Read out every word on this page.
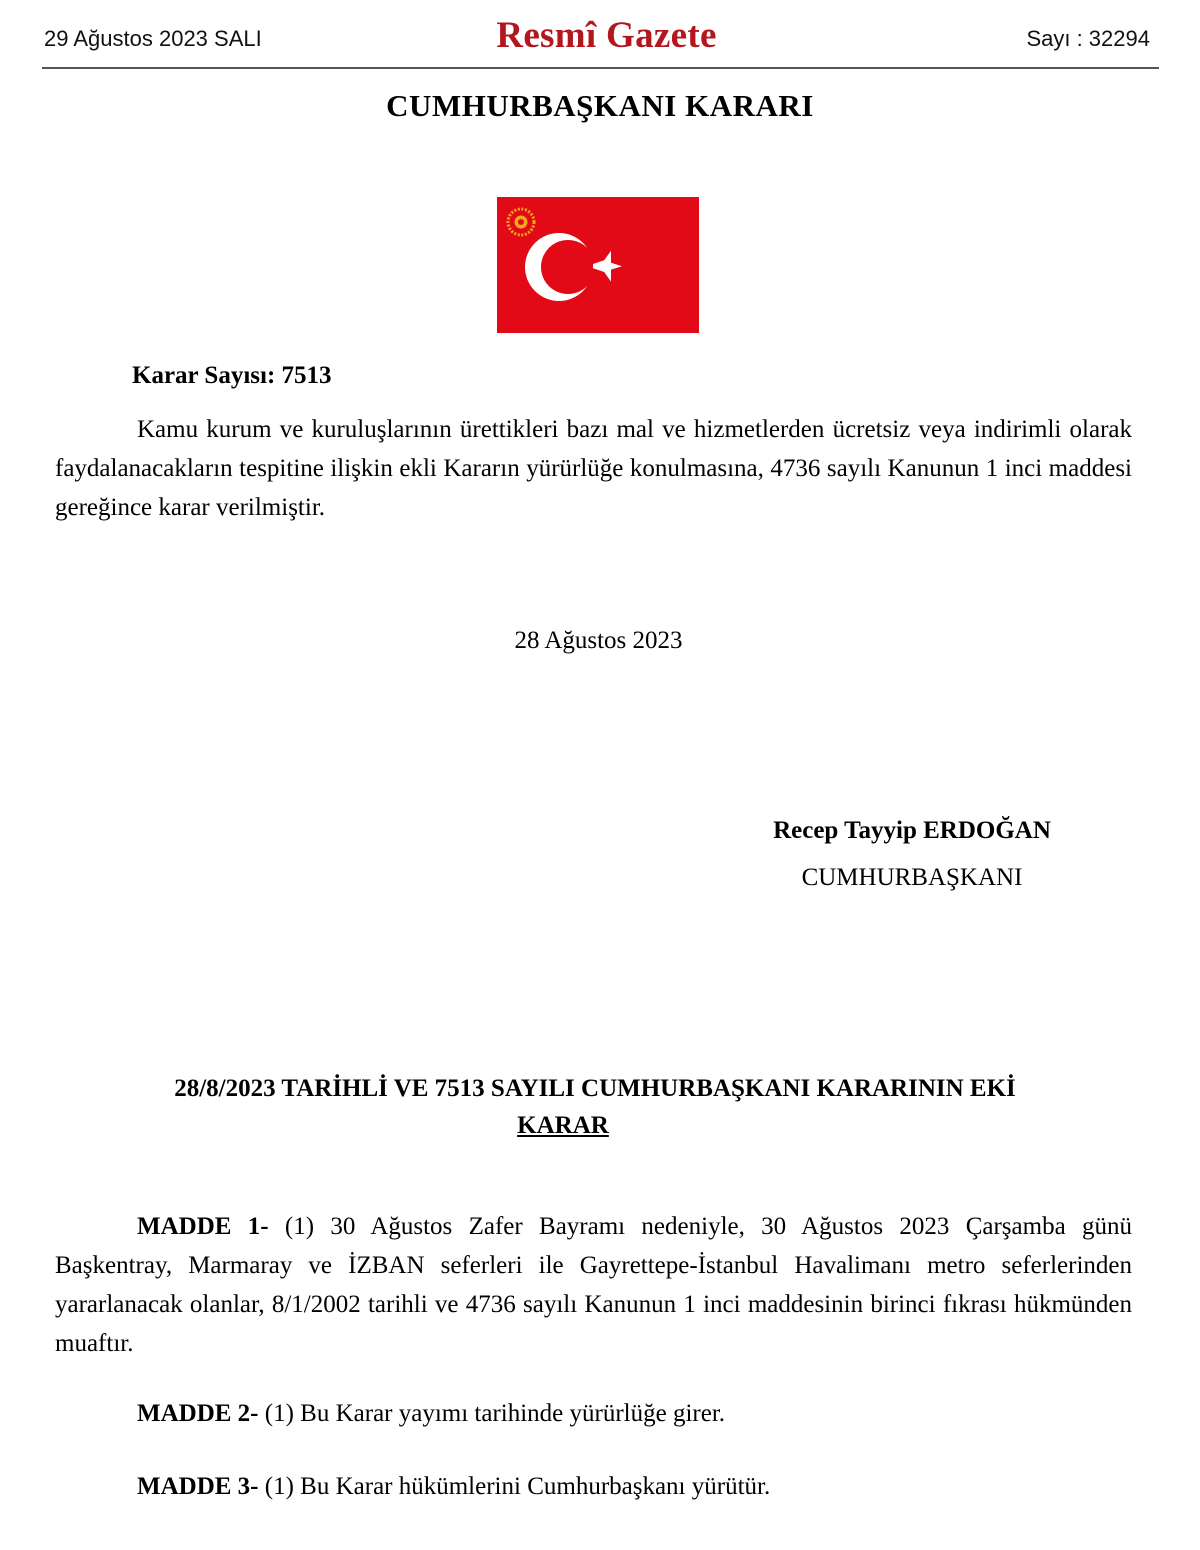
29 Ağustos 2023 SALI	Resmî Gazete	Sayı : 32294
CUMHURBAŞKANI KARARI
Karar Sayısı: 7513
Kamu kurum ve kuruluşlarının ürettikleri bazı mal ve hizmetlerden ücretsiz veya indirimli olarak faydalanacakların tespitine ilişkin ekli Kararın yürürlüğe konulmasına, 4736 sayılı Kanunun 1 inci maddesi gereğince karar verilmiştir.
28 Ağustos 2023
Recep Tayyip ERDOĞAN
CUMHURBAŞKANI
28/8/2023 TARİHLİ VE 7513 SAYILI CUMHURBAŞKANI KARARININ EKİ
KARAR
MADDE 1- (1) 30 Ağustos Zafer Bayramı nedeniyle, 30 Ağustos 2023 Çarşamba günü Başkentray, Marmaray ve İZBAN seferleri ile Gayrettepe-İstanbul Havalimanı metro seferlerinden yararlanacak olanlar, 8/1/2002 tarihli ve 4736 sayılı Kanunun 1 inci maddesinin birinci fıkrası hükmünden muaftır.
MADDE 2- (1) Bu Karar yayımı tarihinde yürürlüğe girer.
MADDE 3- (1) Bu Karar hükümlerini Cumhurbaşkanı yürütür.
